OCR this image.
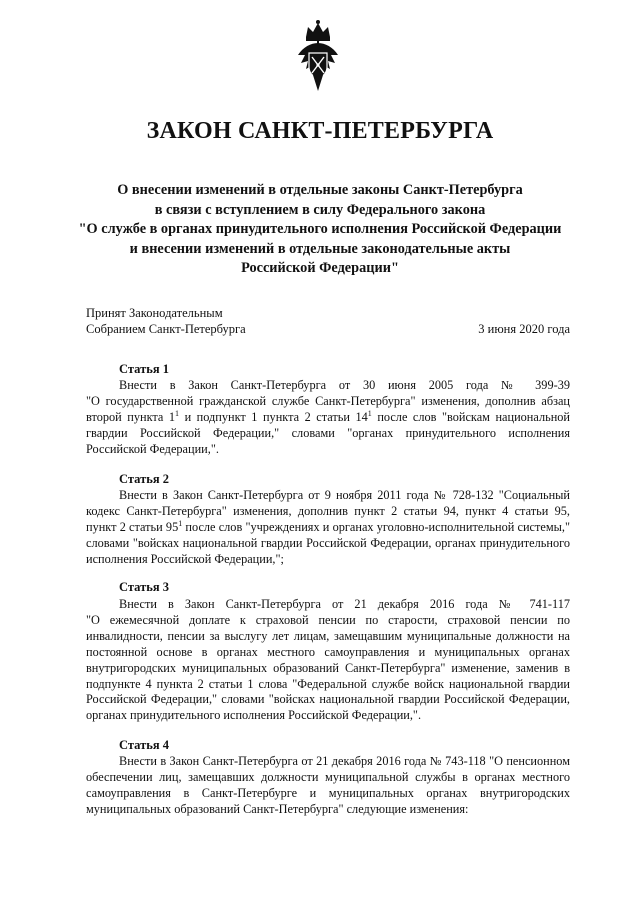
ЗАКОН САНКТ-ПЕТЕРБУРГА
О внесении изменений в отдельные законы Санкт-Петербурга
в связи с вступлением в силу Федерального закона
"О службе в органах принудительного исполнения Российской Федерации
и внесении изменений в отдельные законодательные акты
Российской Федерации"
Принят Законодательным
Собранием Санкт-Петербурга	3 июня 2020 года
Статья 1
Внести в Закон Санкт-Петербурга от 30 июня 2005 года № 399-39
"О государственной гражданской службе Санкт-Петербурга" изменения, дополнив абзац
второй пункта $1^1$ и подпункт 1 пункта 2 статьи $14^1$ после слов "войскам национальной
гвардии Российской Федерации," словами "органах принудительного исполнения
Российской Федерации,".
Статья 2
Внести в Закон Санкт-Петербурга от 9 ноября 2011 года № 728-132 "Социальный
кодекс Санкт-Петербурга" изменения, дополнив пункт 2 статьи 94, пункт 4 статьи 95,
пункт 2 статьи $95^1$ после слов "учреждениях и органах уголовно-исполнительной системы,"
словами "войсках национальной гвардии Российской Федерации, органах принудительного
исполнения Российской Федерации,";
Статья 3
Внести в Закон Санкт-Петербурга от 21 декабря 2016 года № 741-117
"О ежемесячной доплате к страховой пенсии по старости, страховой пенсии по
инвалидности, пенсии за выслугу лет лицам, замещавшим муниципальные должности на
постоянной основе в органах местного самоуправления и муниципальных органах
внутригородских муниципальных образований Санкт-Петербурга" изменение, заменив в
подпункте 4 пункта 2 статьи 1 слова "Федеральной службе войск национальной гвардии
Российской Федерации," словами "войсках национальной гвардии Российской Федерации,
органах принудительного исполнения Российской Федерации,".
Статья 4
Внести в Закон Санкт-Петербурга от 21 декабря 2016 года № 743-118 "О пенсионном
обеспечении лиц, замещавших должности муниципальной службы в органах местного
самоуправления в Санкт-Петербурге и муниципальных органах внутригородских
муниципальных образований Санкт-Петербурга" следующие изменения:
